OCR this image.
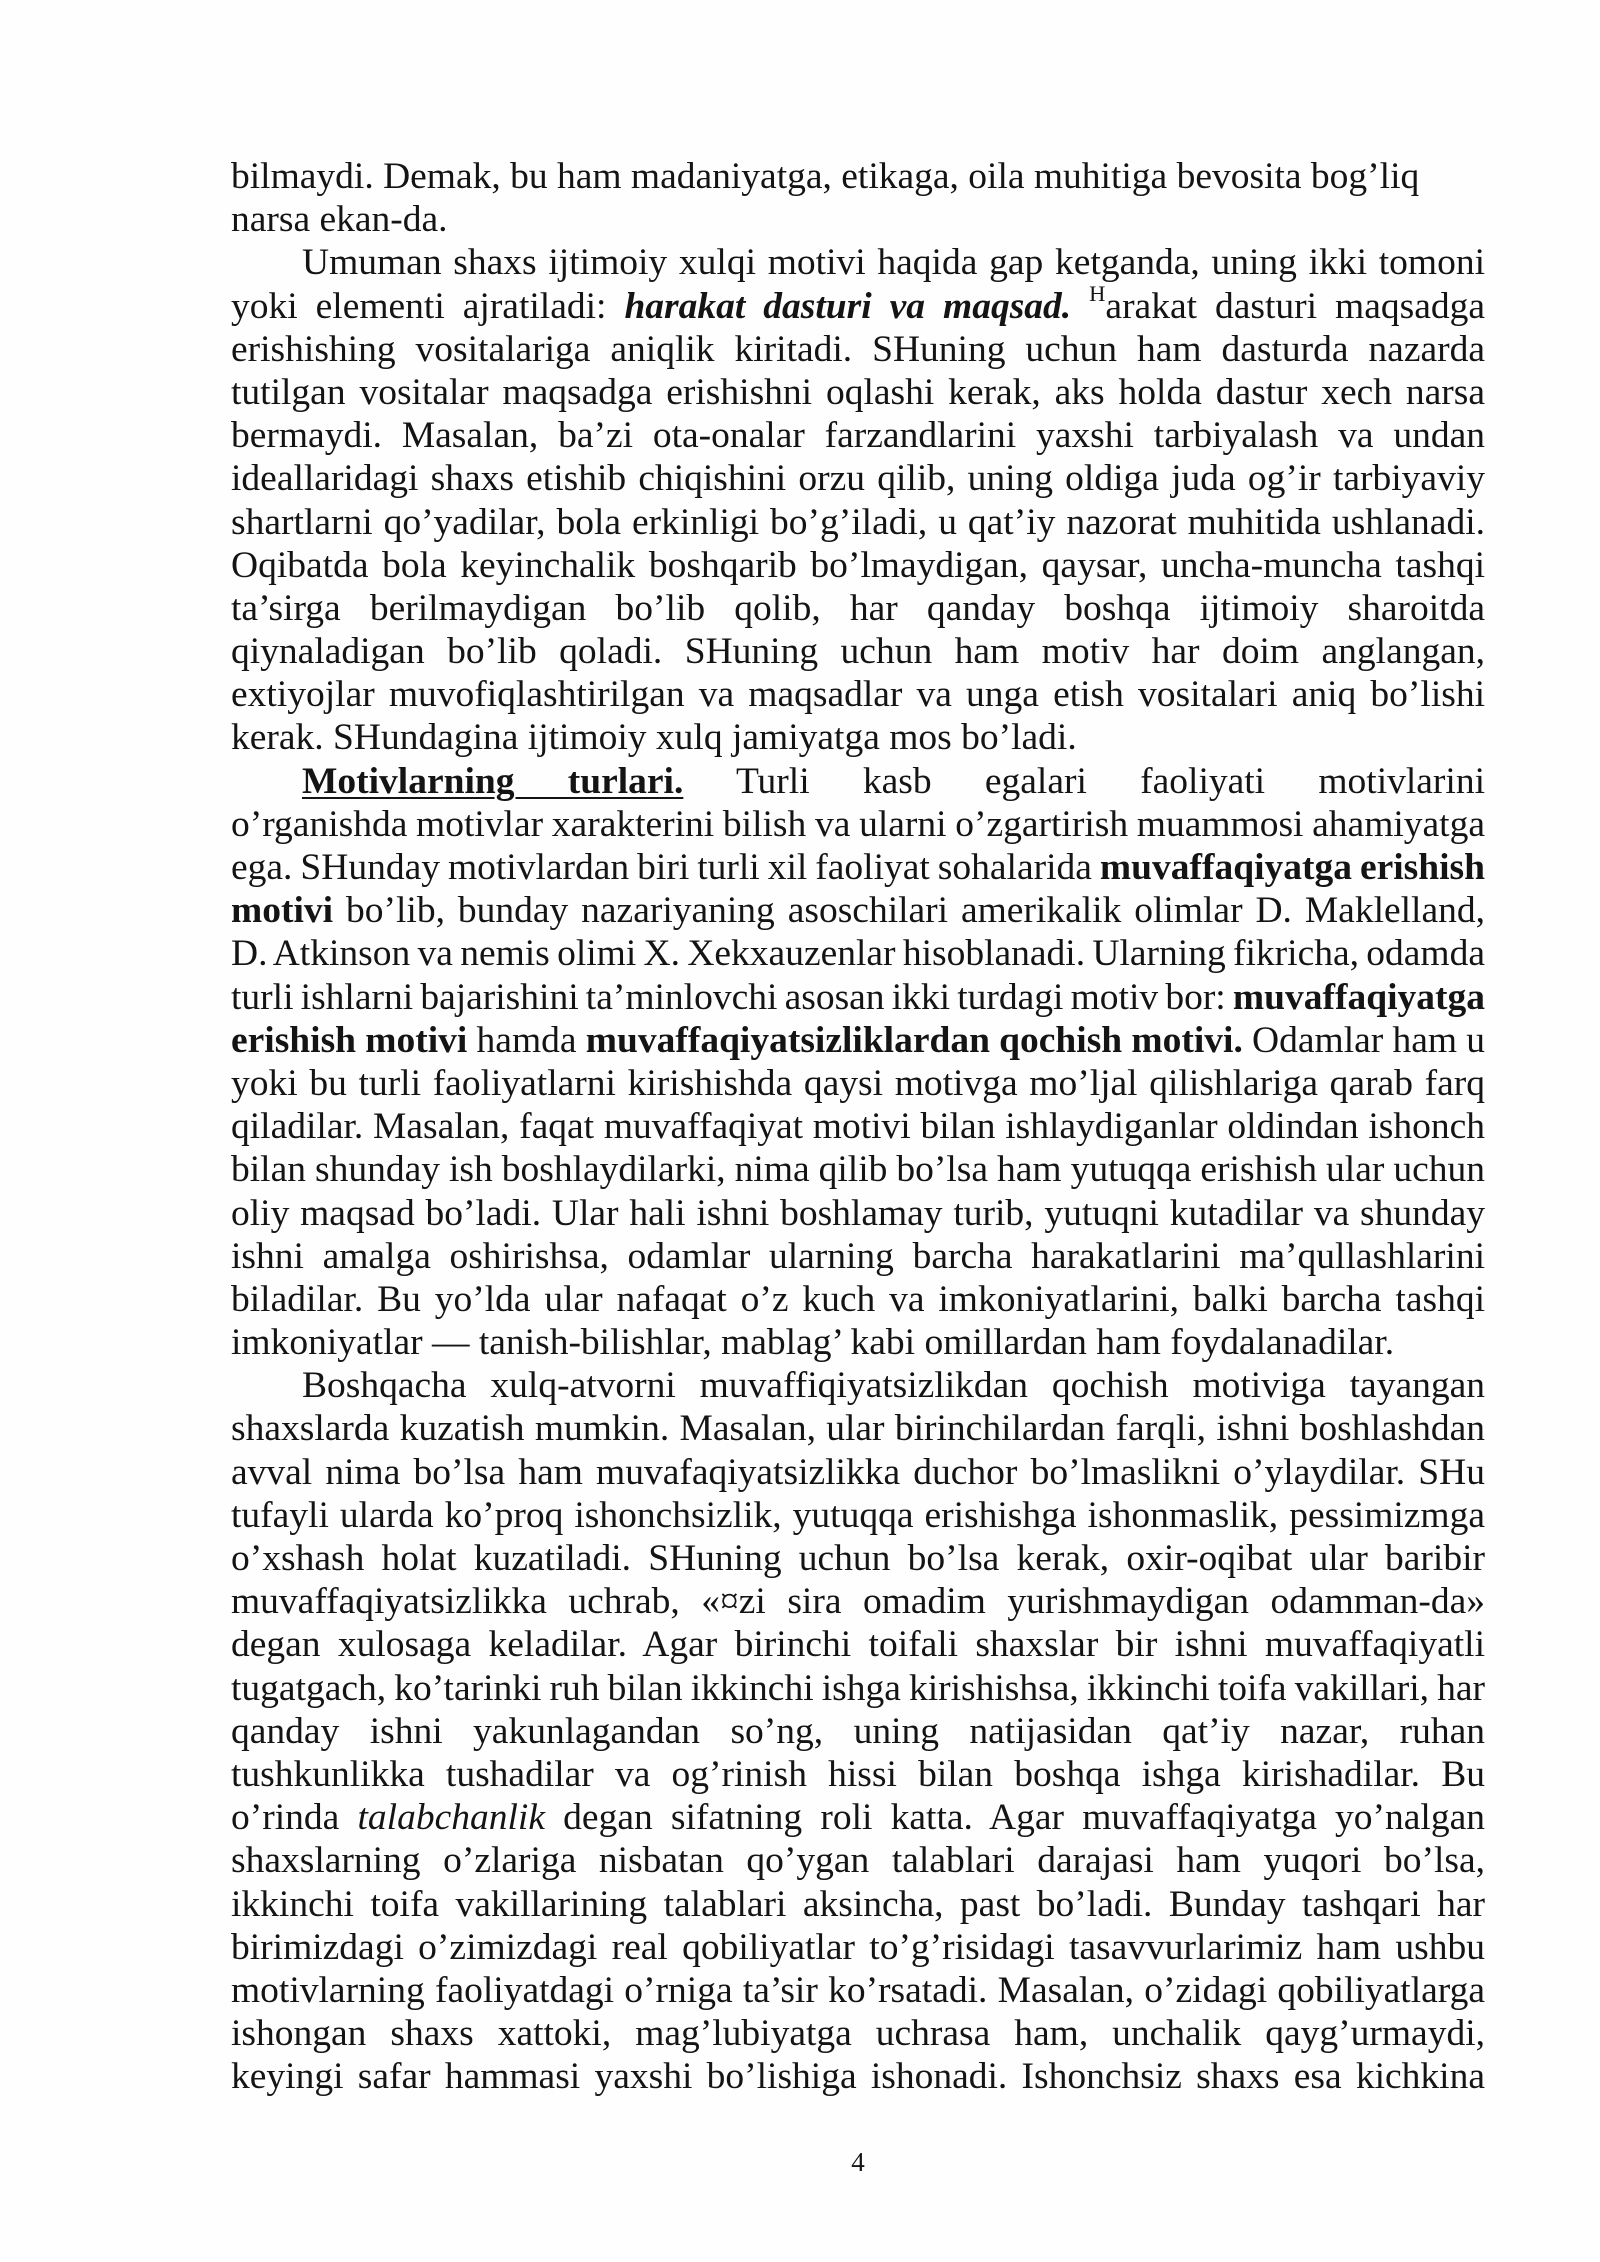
bilmaydi. Demak, bu ham madaniyatga, etikaga, oila muhitiga bevosita bog’liq
narsa ekan-da.
Umuman shaxs ijtimoiy xulqi motivi haqida gap ketganda, uning ikki tomoni
yoki elementi ajratiladi: harakat dasturi va maqsad. $^H$arakat dasturi maqsadga
erishishing vositalariga aniqlik kiritadi. SHuning uchun ham dasturda nazarda
tutilgan vositalar maqsadga erishishni oqlashi kerak, aks holda dastur xech narsa
bermaydi. Masalan, ba’zi ota-onalar farzandlarini yaxshi tarbiyalash va undan
ideallaridagi shaxs etishib chiqishini orzu qilib, uning oldiga juda og’ir tarbiyaviy
shartlarni qo’yadilar, bola erkinligi bo’g’iladi, u qat’iy nazorat muhitida ushlanadi.
Oqibatda bola keyinchalik boshqarib bo’lmaydigan, qaysar, uncha-muncha tashqi
ta’sirga berilmaydigan bo’lib qolib, har qanday boshqa ijtimoiy sharoitda
qiynaladigan bo’lib qoladi. SHuning uchun ham motiv har doim anglangan,
extiyojlar muvofiqlashtirilgan va maqsadlar va unga etish vositalari aniq bo’lishi
kerak. SHundagina ijtimoiy xulq jamiyatga mos bo’ladi.
Motivlarning turlari. Turli kasb egalari faoliyati motivlarini
o’rganishda motivlar xarakterini bilish va ularni o’zgartirish muammosi ahamiyatga
ega. SHunday motivlardan biri turli xil faoliyat sohalarida muvaffaqiyatga erishish
motivi bo’lib, bunday nazariyaning asoschilari amerikalik olimlar D. Maklelland,
D. Atkinson va nemis olimi X. Xekxauzenlar hisoblanadi. Ularning fikricha, odamda
turli ishlarni bajarishini ta’minlovchi asosan ikki turdagi motiv bor: muvaffaqiyatga
erishish motivi hamda muvaffaqiyatsizliklardan qochish motivi. Odamlar ham u
yoki bu turli faoliyatlarni kirishishda qaysi motivga mo’ljal qilishlariga qarab farq
qiladilar. Masalan, faqat muvaffaqiyat motivi bilan ishlaydiganlar oldindan ishonch
bilan shunday ish boshlaydilarki, nima qilib bo’lsa ham yutuqqa erishish ular uchun
oliy maqsad bo’ladi. Ular hali ishni boshlamay turib, yutuqni kutadilar va shunday
ishni amalga oshirishsa, odamlar ularning barcha harakatlarini ma’qullashlarini
biladilar. Bu yo’lda ular nafaqat o’z kuch va imkoniyatlarini, balki barcha tashqi
imkoniyatlar — tanish-bilishlar, mablag’ kabi omillardan ham foydalanadilar.
Boshqacha xulq-atvorni muvaffiqiyatsizlikdan qochish motiviga tayangan
shaxslarda kuzatish mumkin. Masalan, ular birinchilardan farqli, ishni boshlashdan
avval nima bo’lsa ham muvafaqiyatsizlikka duchor bo’lmaslikni o’ylaydilar. SHu
tufayli ularda ko’proq ishonchsizlik, yutuqqa erishishga ishonmaslik, pessimizmga
o’xshash holat kuzatiladi. SHuning uchun bo’lsa kerak, oxir-oqibat ular baribir
muvaffaqiyatsizlikka uchrab, «¤zi sira omadim yurishmaydigan odamman-da»
degan xulosaga keladilar. Agar birinchi toifali shaxslar bir ishni muvaffaqiyatli
tugatgach, ko’tarinki ruh bilan ikkinchi ishga kirishishsa, ikkinchi toifa vakillari, har
qanday ishni yakunlagandan so’ng, uning natijasidan qat’iy nazar, ruhan
tushkunlikka tushadilar va og’rinish hissi bilan boshqa ishga kirishadilar. Bu
o’rinda talabchanlik degan sifatning roli katta. Agar muvaffaqiyatga yo’nalgan
shaxslarning o’zlariga nisbatan qo’ygan talablari darajasi ham yuqori bo’lsa,
ikkinchi toifa vakillarining talablari aksincha, past bo’ladi. Bunday tashqari har
birimizdagi o’zimizdagi real qobiliyatlar to’g’risidagi tasavvurlarimiz ham ushbu
motivlarning faoliyatdagi o’rniga ta’sir ko’rsatadi. Masalan, o’zidagi qobiliyatlarga
ishongan shaxs xattoki, mag’lubiyatga uchrasa ham, unchalik qayg’urmaydi,
keyingi safar hammasi yaxshi bo’lishiga ishonadi. Ishonchsiz shaxs esa kichkina
4
